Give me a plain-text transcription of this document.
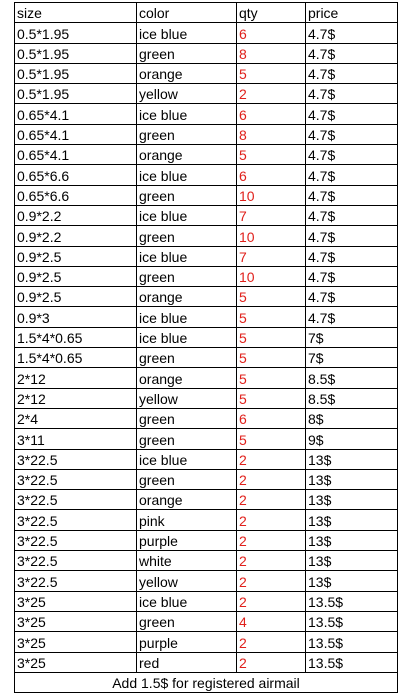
size	color	qty	price
0.5*1.95	ice blue	6	4.7$
0.5*1.95	green	8	4.7$
0.5*1.95	orange	5	4.7$
0.5*1.95	yellow	2	4.7$
0.65*4.1	ice blue	6	4.7$
0.65*4.1	green	8	4.7$
0.65*4.1	orange	5	4.7$
0.65*6.6	ice blue	6	4.7$
0.65*6.6	green	10	4.7$
0.9*2.2	ice blue	7	4.7$
0.9*2.2	green	10	4.7$
0.9*2.5	ice blue	7	4.7$
0.9*2.5	green	10	4.7$
0.9*2.5	orange	5	4.7$
0.9*3	ice blue	5	4.7$
1.5*4*0.65	ice blue	5	7$
1.5*4*0.65	green	5	7$
2*12	orange	5	8.5$
2*12	yellow	5	8.5$
2*4	green	6	8$
3*11	green	5	9$
3*22.5	ice blue	2	13$
3*22.5	green	2	13$
3*22.5	orange	2	13$
3*22.5	pink	2	13$
3*22.5	purple	2	13$
3*22.5	white	2	13$
3*22.5	yellow	2	13$
3*25	ice blue	2	13.5$
3*25	green	4	13.5$
3*25	purple	2	13.5$
3*25	red	2	13.5$
Add 1.5$ for registered airmail			
